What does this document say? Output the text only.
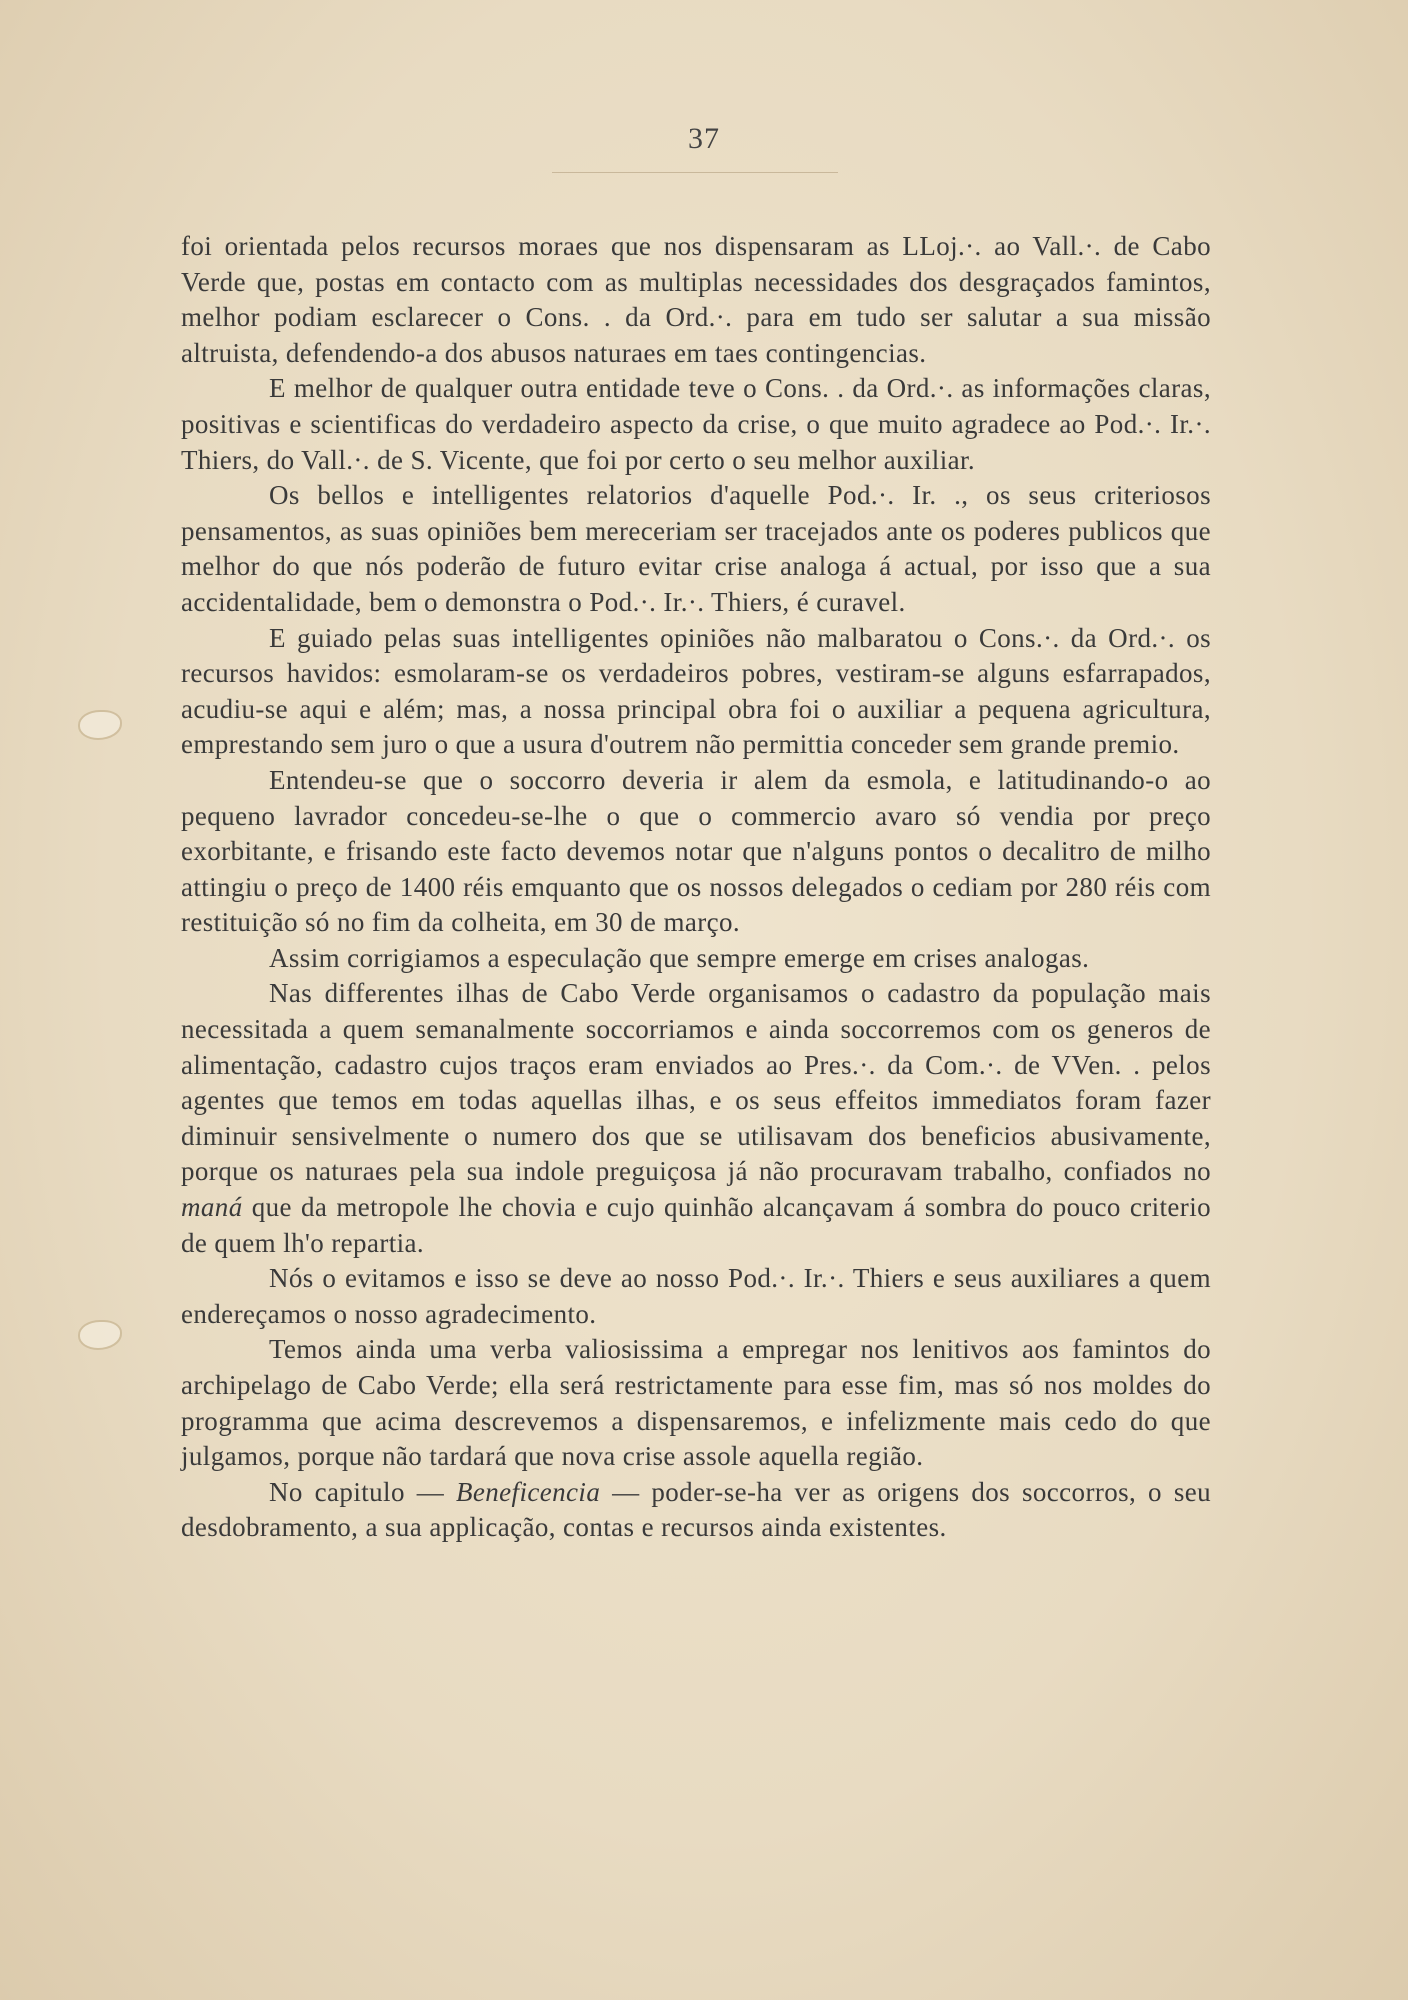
37

foi orientada pelos recursos moraes que nos dispensaram as LLoj.·. ao Vall.·. de Cabo Verde que, postas em contacto com as multiplas necessidades dos desgraçados famintos, melhor podiam esclarecer o Cons. . da Ord.·. para em tudo ser salutar a sua missão altruista, defendendo-a dos abusos naturaes em taes contingencias.

E melhor de qualquer outra entidade teve o Cons. . da Ord.·. as informações claras, positivas e scientificas do verdadeiro aspecto da crise, o que muito agradece ao Pod.·. Ir.·. Thiers, do Vall.·. de S. Vicente, que foi por certo o seu melhor auxiliar.

Os bellos e intelligentes relatorios d'aquelle Pod.·. Ir. ., os seus criteriosos pensamentos, as suas opiniões bem mereceriam ser tracejados ante os poderes publicos que melhor do que nós poderão de futuro evitar crise analoga á actual, por isso que a sua accidentalidade, bem o demonstra o Pod.·. Ir.·. Thiers, é curavel.

E guiado pelas suas intelligentes opiniões não malbaratou o Cons.·. da Ord.·. os recursos havidos: esmolaram-se os verdadeiros pobres, vestiram-se alguns esfarrapados, acudiu-se aqui e além; mas, a nossa principal obra foi o auxiliar a pequena agricultura, emprestando sem juro o que a usura d'outrem não permittia conceder sem grande premio.

Entendeu-se que o soccorro deveria ir alem da esmola, e latitudinando-o ao pequeno lavrador concedeu-se-lhe o que o commercio avaro só vendia por preço exorbitante, e frisando este facto devemos notar que n'alguns pontos o decalitro de milho attingiu o preço de 1400 réis emquanto que os nossos delegados o cediam por 280 réis com restituição só no fim da colheita, em 30 de março.

Assim corrigiamos a especulação que sempre emerge em crises analogas.

Nas differentes ilhas de Cabo Verde organisamos o cadastro da população mais necessitada a quem semanalmente soccorriamos e ainda soccorremos com os generos de alimentação, cadastro cujos traços eram enviados ao Pres.·. da Com.·. de VVen. . pelos agentes que temos em todas aquellas ilhas, e os seus effeitos immediatos foram fazer diminuir sensivelmente o numero dos que se utilisavam dos beneficios abusivamente, porque os naturaes pela sua indole preguiçosa já não procuravam trabalho, confiados no maná que da metropole lhe chovia e cujo quinhão alcançavam á sombra do pouco criterio de quem lh'o repartia.

Nós o evitamos e isso se deve ao nosso Pod.·. Ir.·. Thiers e seus auxiliares a quem endereçamos o nosso agradecimento.

Temos ainda uma verba valiosissima a empregar nos lenitivos aos famintos do archipelago de Cabo Verde; ella será restrictamente para esse fim, mas só nos moldes do programma que acima descrevemos a dispensaremos, e infelizmente mais cedo do que julgamos, porque não tardará que nova crise assole aquella região.

No capitulo — Beneficencia — poder-se-ha ver as origens dos soccorros, o seu desdobramento, a sua applicação, contas e recursos ainda existentes.
